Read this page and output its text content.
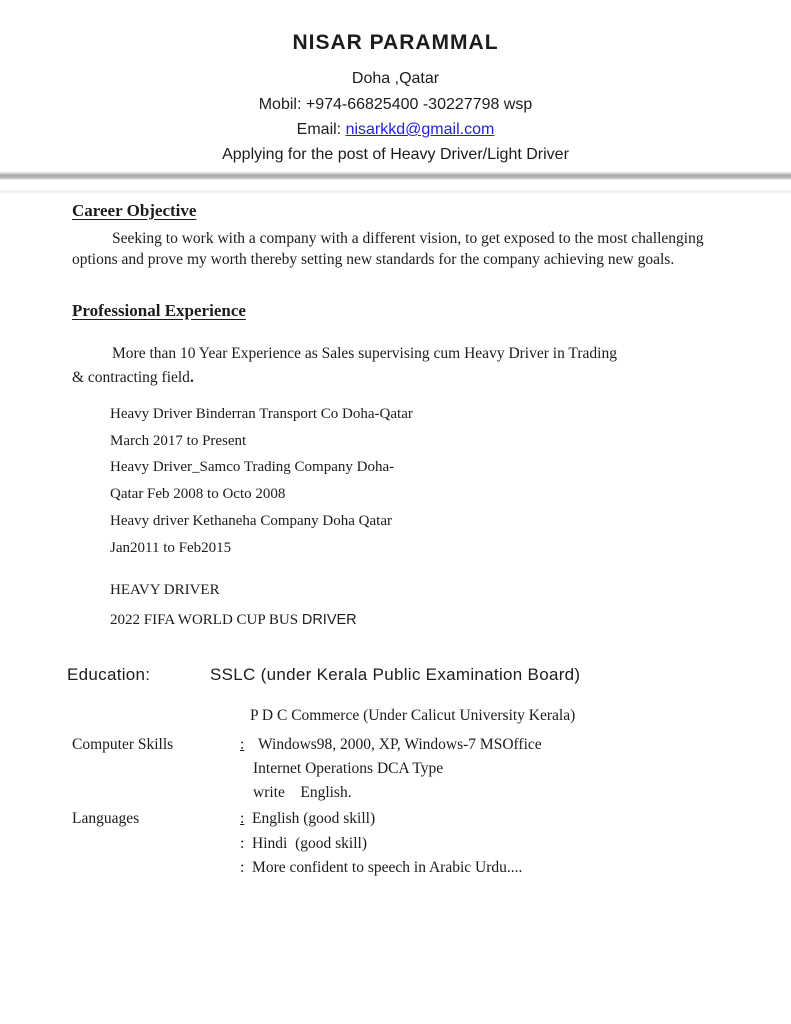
NISAR PARAMMAL
Doha ,Qatar
Mobil: +974-66825400 -30227798 wsp
Email: nisarkkd@gmail.com
Applying for the post of Heavy Driver/Light Driver
Career Objective
Seeking to work with a company with a different vision, to get exposed to the most challenging
options and prove my worth thereby setting new standards for the company achieving new goals.
Professional Experience
More than 10 Year Experience as Sales supervising cum Heavy Driver in Trading
& contracting field.
Heavy Driver Binderran Transport Co Doha-Qatar
March 2017 to Present
Heavy Driver_Samco Trading Company Doha-
Qatar Feb 2008 to Octo 2008
Heavy driver Kethaneha Company Doha Qatar
Jan2011 to Feb2015
HEAVY DRIVER
2022 FIFA WORLD CUP BUS DRIVER
Education:	SSLC (under Kerala Public Examination Board)
P D C Commerce (Under Calicut University Kerala)
Computer Skills	: Windows98, 2000, XP, Windows-7 MSOffice
Internet Operations DCA Type
write    English.
Languages	: English (good skill)
:  Hindi  (good skill)
:  More confident to speech in Arabic Urdu....
